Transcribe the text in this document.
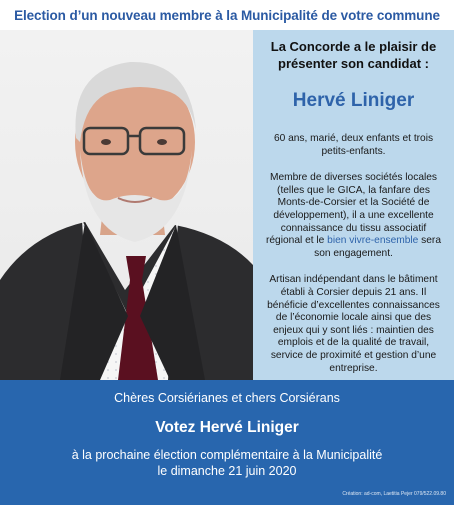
Election d’un nouveau membre à la Municipalité de votre commune
La Concorde a le plaisir de présenter son candidat :
Hervé Liniger
60 ans, marié, deux enfants et trois petits-enfants.
Membre de diverses sociétés locales (telles que le GICA, la fanfare des Monts-de-Corsier et la Société de développement), il a une excellente connaissance du tissu associatif régional et le bien vivre-ensemble sera son engagement.
Artisan indépendant dans le bâtiment établi à Corsier depuis 21 ans. Il bénéficie d’excellentes connaissances de l’économie locale ainsi que des enjeux qui y sont liés : maintien des emplois et de la qualité de travail, service de proximité et gestion d’une entreprise.
Chères Corsiérianes et chers Corsiérans
Votez Hervé Liniger
à la prochaine élection complémentaire à la Municipalité
le dimanche 21 juin 2020
Création: ad-com, Laetitia Pejer 079/522.09.80
